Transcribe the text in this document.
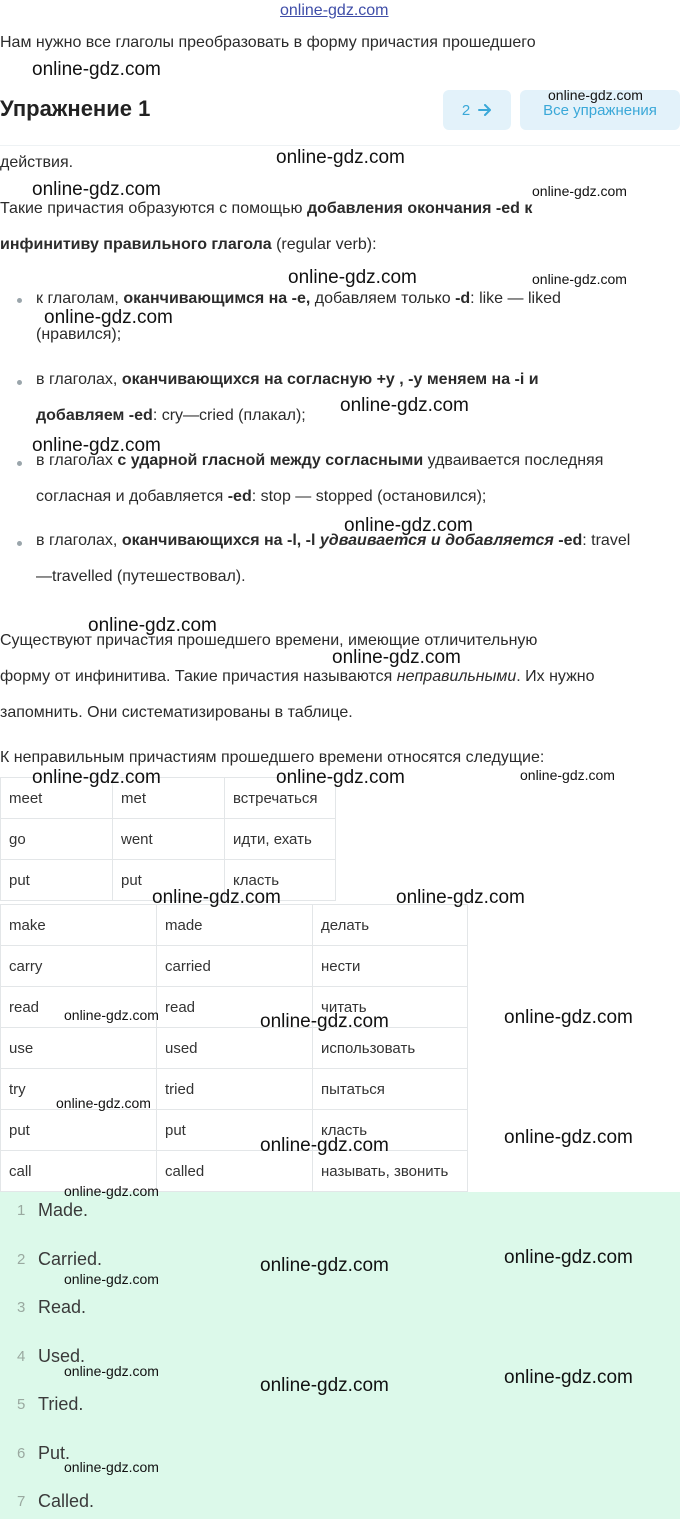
online-gdz.com
Нам нужно все глаголы преобразовать в форму причастия прошедшего
Упражнение 1	2	Все упражнения
действия.
Такие причастия образуются с помощью добавления окончания -ed к
инфинитиву правильного глагола (regular verb):
к глаголам, оканчивающимся на -e, добавляем только -d: like — liked
(нравился);
в глаголах, оканчивающихся на согласную +y , -y меняем на -i и
добавляем -ed: cry—cried (плакал);
в глаголах с ударной гласной между согласными удваивается последняя
согласная и добавляется -ed: stop — stopped (остановился);
в глаголах, оканчивающихся на -l, -l удваивается и добавляется -ed: travel
—travelled (путешествовал).
Существуют причастия прошедшего времени, имеющие отличительную
форму от инфинитива. Такие причастия называются неправильными. Их нужно
запомнить. Они систематизированы в таблице.
К неправильным причастиям прошедшего времени относятся следущие:
meet	met	встречаться
go	went	идти, ехать
put	put	класть
make	made	делать
carry	carried	нести
read	read	читать
use	used	использовать
try	tried	пытаться
put	put	класть
call	called	называть, звонить
1 Made.
2 Carried.
3 Read.
4 Used.
5 Tried.
6 Put.
7 Called.
online-gdz.com
online-gdz.com
online-gdz.com
online-gdz.com	online-gdz.com
online-gdz.com	online-gdz.com
online-gdz.com
online-gdz.com
online-gdz.com
online-gdz.com
online-gdz.com
online-gdz.com
online-gdz.com	online-gdz.com	online-gdz.com
online-gdz.com	online-gdz.com
online-gdz.com	online-gdz.com	online-gdz.com
online-gdz.com
online-gdz.com	online-gdz.com
online-gdz.com
online-gdz.com	online-gdz.com
online-gdz.com
online-gdz.com
online-gdz.com	online-gdz.com
online-gdz.com
